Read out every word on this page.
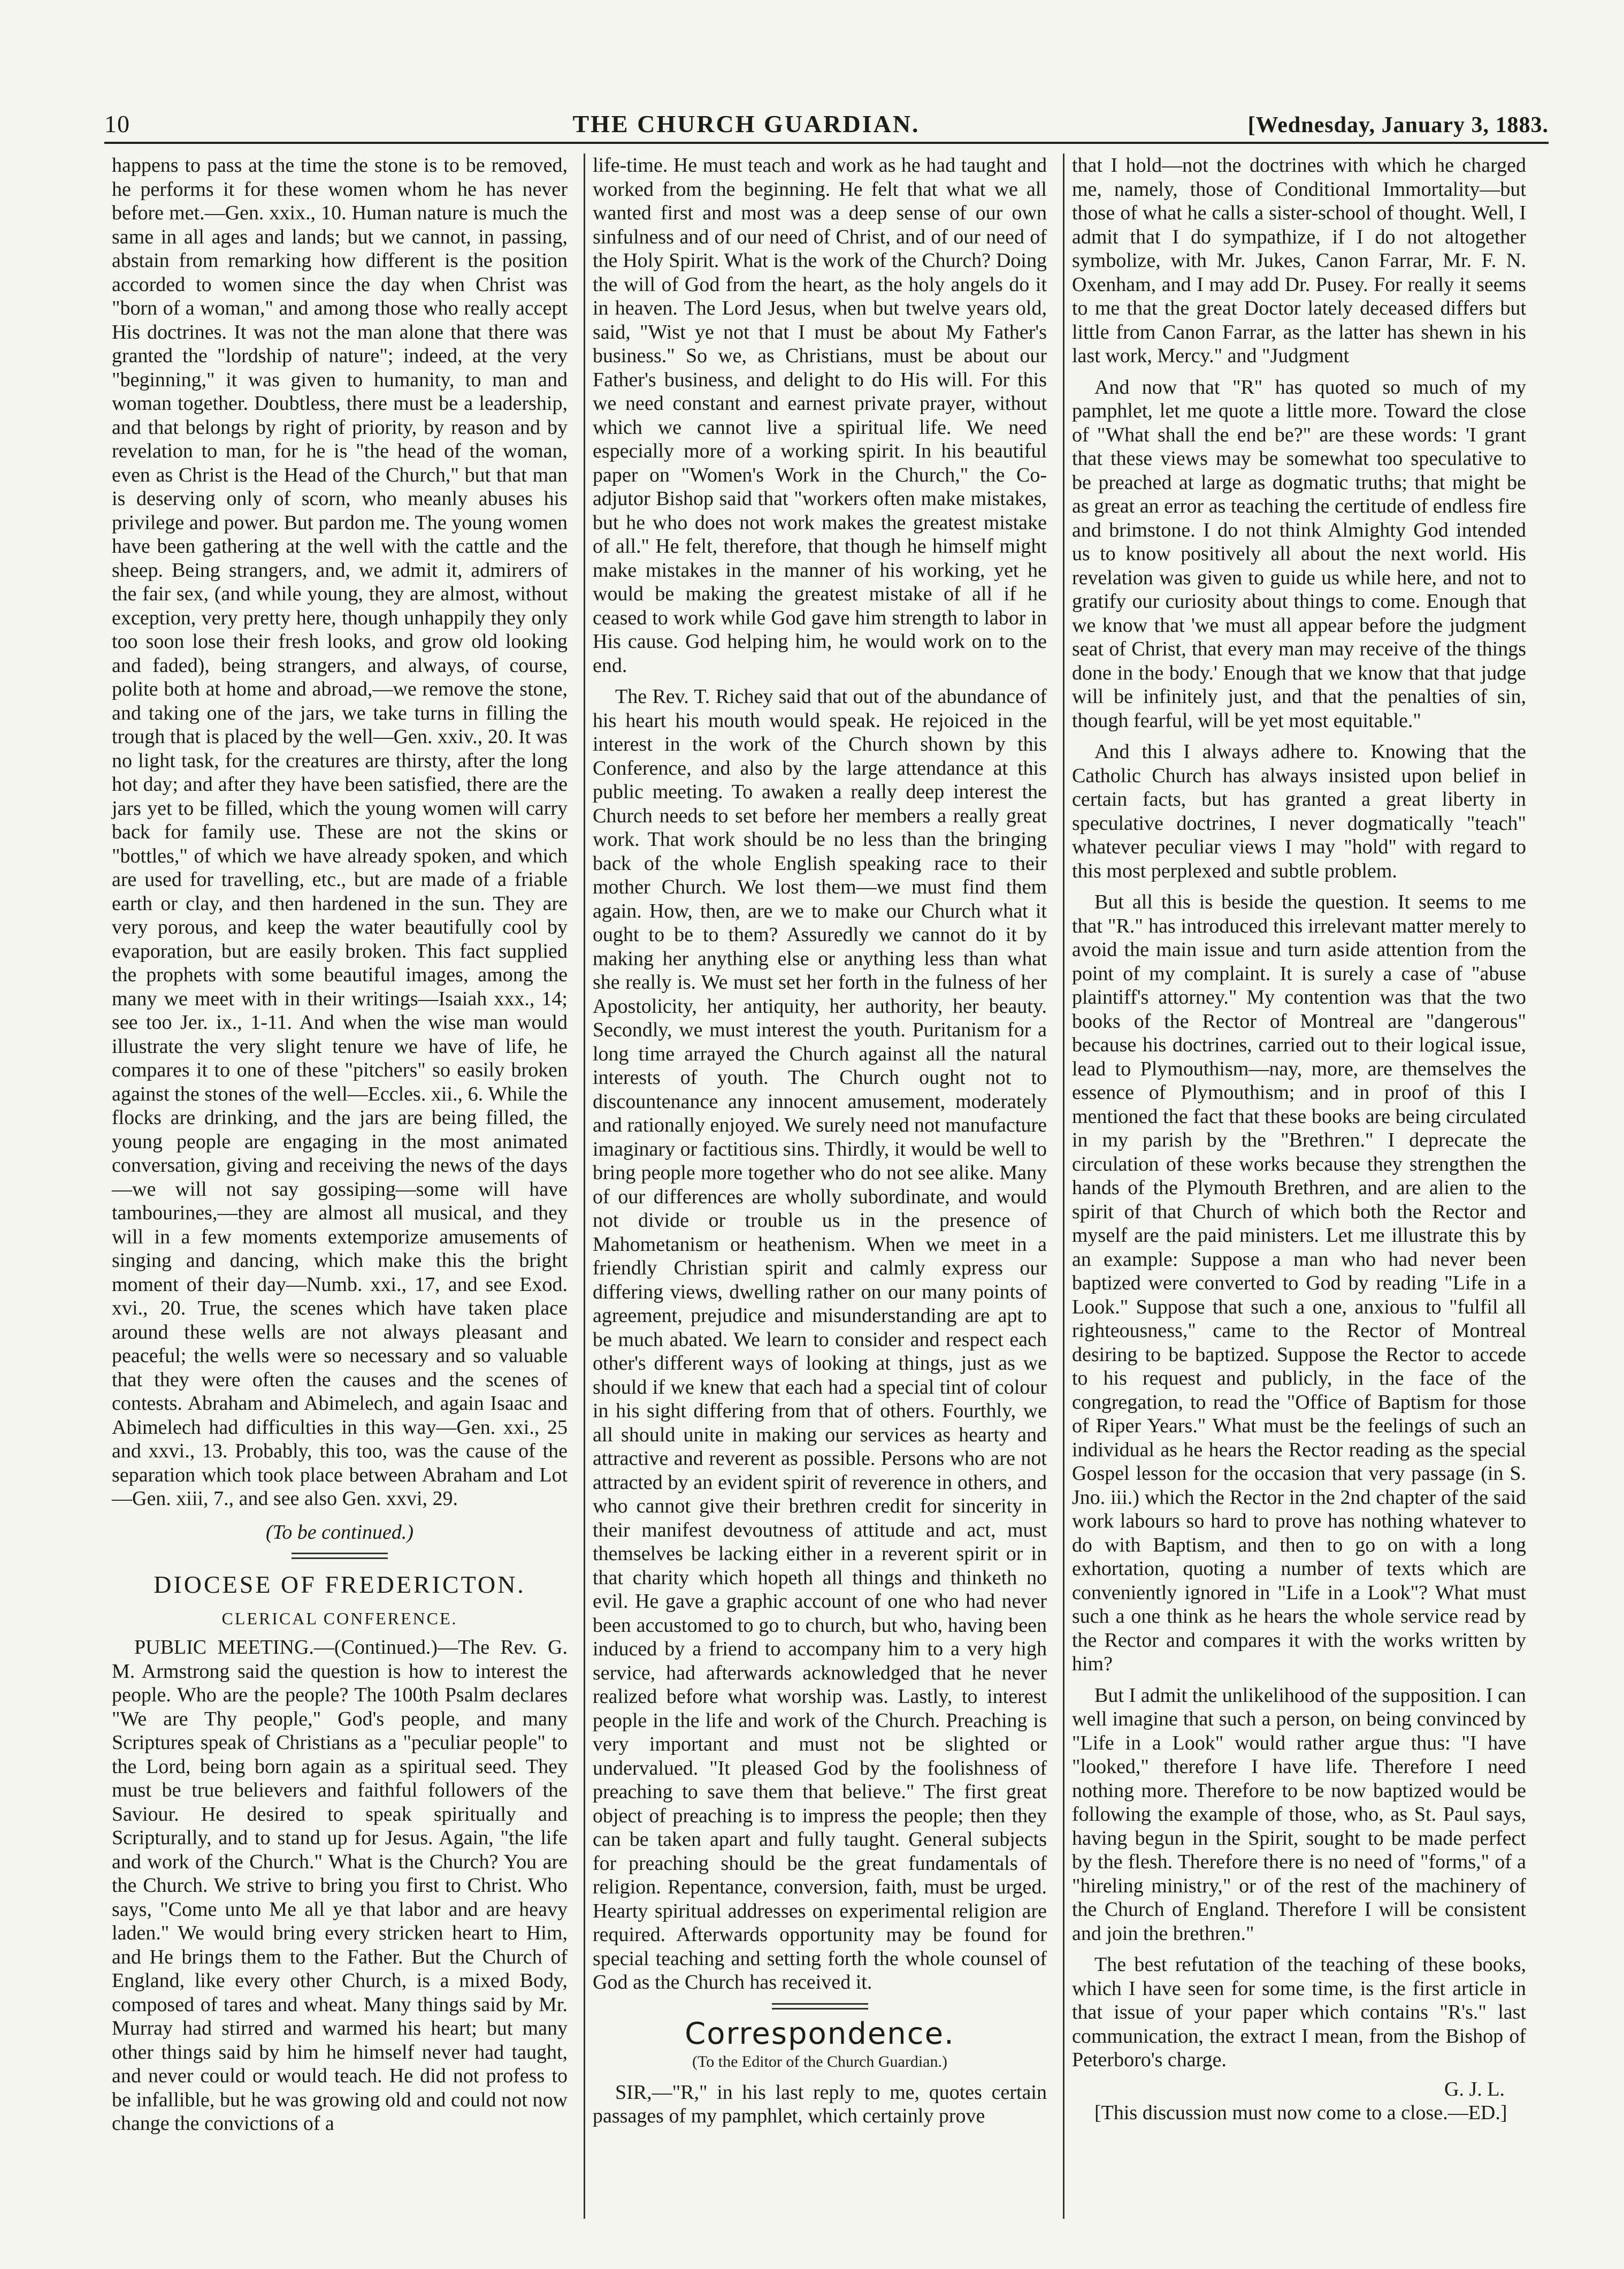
10	THE CHURCH GUARDIAN.	[Wednesday, January 3, 1883.

happens to pass at the time the stone is to be removed, he performs it for these women whom he has never before met.—Gen. xxix., 10. Human nature is much the same in all ages and lands; but we cannot, in passing, abstain from remarking how different is the position accorded to women since the day when Christ was "born of a woman," and among those who really accept His doctrines. It was not the man alone that there was granted the "lordship of nature"; indeed, at the very "beginning," it was given to humanity, to man and woman together. Doubtless, there must be a leadership, and that belongs by right of priority, by reason and by revelation to man, for he is "the head of the woman, even as Christ is the Head of the Church," but that man is deserving only of scorn, who meanly abuses his privilege and power. But pardon me. The young women have been gathering at the well with the cattle and the sheep. Being strangers, and, we admit it, admirers of the fair sex, (and while young, they are almost, without exception, very pretty here, though unhappily they only too soon lose their fresh looks, and grow old looking and faded), being strangers, and always, of course, polite both at home and abroad,—we remove the stone, and taking one of the jars, we take turns in filling the trough that is placed by the well—Gen. xxiv., 20. It was no light task, for the creatures are thirsty, after the long hot day; and after they have been satisfied, there are the jars yet to be filled, which the young women will carry back for family use. These are not the skins or "bottles," of which we have already spoken, and which are used for travelling, etc., but are made of a friable earth or clay, and then hardened in the sun. They are very porous, and keep the water beautifully cool by evaporation, but are easily broken. This fact supplied the prophets with some beautiful images, among the many we meet with in their writings—Isaiah xxx., 14; see too Jer. ix., 1-11. And when the wise man would illustrate the very slight tenure we have of life, he compares it to one of these "pitchers" so easily broken against the stones of the well—Eccles. xii., 6. While the flocks are drinking, and the jars are being filled, the young people are engaging in the most animated conversation, giving and receiving the news of the days—we will not say gossiping—some will have tambourines,—they are almost all musical, and they will in a few moments extemporize amusements of singing and dancing, which make this the bright moment of their day—Numb. xxi., 17, and see Exod. xvi., 20. True, the scenes which have taken place around these wells are not always pleasant and peaceful; the wells were so necessary and so valuable that they were often the causes and the scenes of contests. Abraham and Abimelech, and again Isaac and Abimelech had difficulties in this way—Gen. xxi., 25 and xxvi., 13. Probably, this too, was the cause of the separation which took place between Abraham and Lot—Gen. xiii, 7., and see also Gen. xxvi, 29.

(To be continued.)
DIOCESE OF FREDERICTON.
CLERICAL CONFERENCE.

PUBLIC MEETING.—(Continued.)—The Rev. G. M. Armstrong said the question is how to interest the people. Who are the people? The 100th Psalm declares "We are Thy people," God's people, and many Scriptures speak of Christians as a "peculiar people" to the Lord, being born again as a spiritual seed. They must be true believers and faithful followers of the Saviour. He desired to speak spiritually and Scripturally, and to stand up for Jesus. Again, "the life and work of the Church." What is the Church? You are the Church. We strive to bring you first to Christ. Who says, "Come unto Me all ye that labor and are heavy laden." We would bring every stricken heart to Him, and He brings them to the Father. But the Church of England, like every other Church, is a mixed Body, composed of tares and wheat. Many things said by Mr. Murray had stirred and warmed his heart; but many other things said by him he himself never had taught, and never could or would teach. He did not profess to be infallible, but he was growing old and could not now change the convictions of a

life-time. He must teach and work as he had taught and worked from the beginning. He felt that what we all wanted first and most was a deep sense of our own sinfulness and of our need of Christ, and of our need of the Holy Spirit. What is the work of the Church? Doing the will of God from the heart, as the holy angels do it in heaven. The Lord Jesus, when but twelve years old, said, "Wist ye not that I must be about My Father's business." So we, as Christians, must be about our Father's business, and delight to do His will. For this we need constant and earnest private prayer, without which we cannot live a spiritual life. We need especially more of a working spirit. In his beautiful paper on "Women's Work in the Church," the Co-adjutor Bishop said that "workers often make mistakes, but he who does not work makes the greatest mistake of all." He felt, therefore, that though he himself might make mistakes in the manner of his working, yet he would be making the greatest mistake of all if he ceased to work while God gave him strength to labor in His cause. God helping him, he would work on to the end.

The Rev. T. Richey said that out of the abundance of his heart his mouth would speak. He rejoiced in the interest in the work of the Church shown by this Conference, and also by the large attendance at this public meeting. To awaken a really deep interest the Church needs to set before her members a really great work. That work should be no less than the bringing back of the whole English speaking race to their mother Church. We lost them—we must find them again. How, then, are we to make our Church what it ought to be to them? Assuredly we cannot do it by making her anything else or anything less than what she really is. We must set her forth in the fulness of her Apostolicity, her antiquity, her authority, her beauty. Secondly, we must interest the youth. Puritanism for a long time arrayed the Church against all the natural interests of youth. The Church ought not to discountenance any innocent amusement, moderately and rationally enjoyed. We surely need not manufacture imaginary or factitious sins. Thirdly, it would be well to bring people more together who do not see alike. Many of our differences are wholly subordinate, and would not divide or trouble us in the presence of Mahometanism or heathenism. When we meet in a friendly Christian spirit and calmly express our differing views, dwelling rather on our many points of agreement, prejudice and misunderstanding are apt to be much abated. We learn to consider and respect each other's different ways of looking at things, just as we should if we knew that each had a special tint of colour in his sight differing from that of others. Fourthly, we all should unite in making our services as hearty and attractive and reverent as possible. Persons who are not attracted by an evident spirit of reverence in others, and who cannot give their brethren credit for sincerity in their manifest devoutness of attitude and act, must themselves be lacking either in a reverent spirit or in that charity which hopeth all things and thinketh no evil. He gave a graphic account of one who had never been accustomed to go to church, but who, having been induced by a friend to accompany him to a very high service, had afterwards acknowledged that he never realized before what worship was. Lastly, to interest people in the life and work of the Church. Preaching is very important and must not be slighted or undervalued. "It pleased God by the foolishness of preaching to save them that believe." The first great object of preaching is to impress the people; then they can be taken apart and fully taught. General subjects for preaching should be the great fundamentals of religion. Repentance, conversion, faith, must be urged. Hearty spiritual addresses on experimental religion are required. Afterwards opportunity may be found for special teaching and setting forth the whole counsel of God as the Church has received it.

Correspondence.
(To the Editor of the Church Guardian.)

SIR,—"R," in his last reply to me, quotes certain passages of my pamphlet, which certainly prove

that I hold—not the doctrines with which he charged me, namely, those of Conditional Immortality—but those of what he calls a sister-school of thought. Well, I admit that I do sympathize, if I do not altogether symbolize, with Mr. Jukes, Canon Farrar, Mr. F. N. Oxenham, and I may add Dr. Pusey. For really it seems to me that the great Doctor lately deceased differs but little from Canon Farrar, as the latter has shewn in his last work, Mercy." and "Judgment

And now that "R" has quoted so much of my pamphlet, let me quote a little more. Toward the close of "What shall the end be?" are these words: 'I grant that these views may be somewhat too speculative to be preached at large as dogmatic truths; that might be as great an error as teaching the certitude of endless fire and brimstone. I do not think Almighty God intended us to know positively all about the next world. His revelation was given to guide us while here, and not to gratify our curiosity about things to come. Enough that we know that 'we must all appear before the judgment seat of Christ, that every man may receive of the things done in the body.' Enough that we know that that judge will be infinitely just, and that the penalties of sin, though fearful, will be yet most equitable."

And this I always adhere to. Knowing that the Catholic Church has always insisted upon belief in certain facts, but has granted a great liberty in speculative doctrines, I never dogmatically "teach" whatever peculiar views I may "hold" with regard to this most perplexed and subtle problem.

But all this is beside the question. It seems to me that "R." has introduced this irrelevant matter merely to avoid the main issue and turn aside attention from the point of my complaint. It is surely a case of "abuse plaintiff's attorney." My contention was that the two books of the Rector of Montreal are "dangerous" because his doctrines, carried out to their logical issue, lead to Plymouthism—nay, more, are themselves the essence of Plymouthism; and in proof of this I mentioned the fact that these books are being circulated in my parish by the "Brethren." I deprecate the circulation of these works because they strengthen the hands of the Plymouth Brethren, and are alien to the spirit of that Church of which both the Rector and myself are the paid ministers. Let me illustrate this by an example: Suppose a man who had never been baptized were converted to God by reading "Life in a Look." Suppose that such a one, anxious to "fulfil all righteousness," came to the Rector of Montreal desiring to be baptized. Suppose the Rector to accede to his request and publicly, in the face of the congregation, to read the "Office of Baptism for those of Riper Years." What must be the feelings of such an individual as he hears the Rector reading as the special Gospel lesson for the occasion that very passage (in S. Jno. iii.) which the Rector in the 2nd chapter of the said work labours so hard to prove has nothing whatever to do with Baptism, and then to go on with a long exhortation, quoting a number of texts which are conveniently ignored in "Life in a Look"? What must such a one think as he hears the whole service read by the Rector and compares it with the works written by him?

But I admit the unlikelihood of the supposition. I can well imagine that such a person, on being convinced by "Life in a Look" would rather argue thus: "I have "looked," therefore I have life. Therefore I need nothing more. Therefore to be now baptized would be following the example of those, who, as St. Paul says, having begun in the Spirit, sought to be made perfect by the flesh. Therefore there is no need of "forms," of a "hireling ministry," or of the rest of the machinery of the Church of England. Therefore I will be consistent and join the brethren."

The best refutation of the teaching of these books, which I have seen for some time, is the first article in that issue of your paper which contains "R's." last communication, the extract I mean, from the Bishop of Peterboro's charge.

G. J. L.

[This discussion must now come to a close.—ED.]
